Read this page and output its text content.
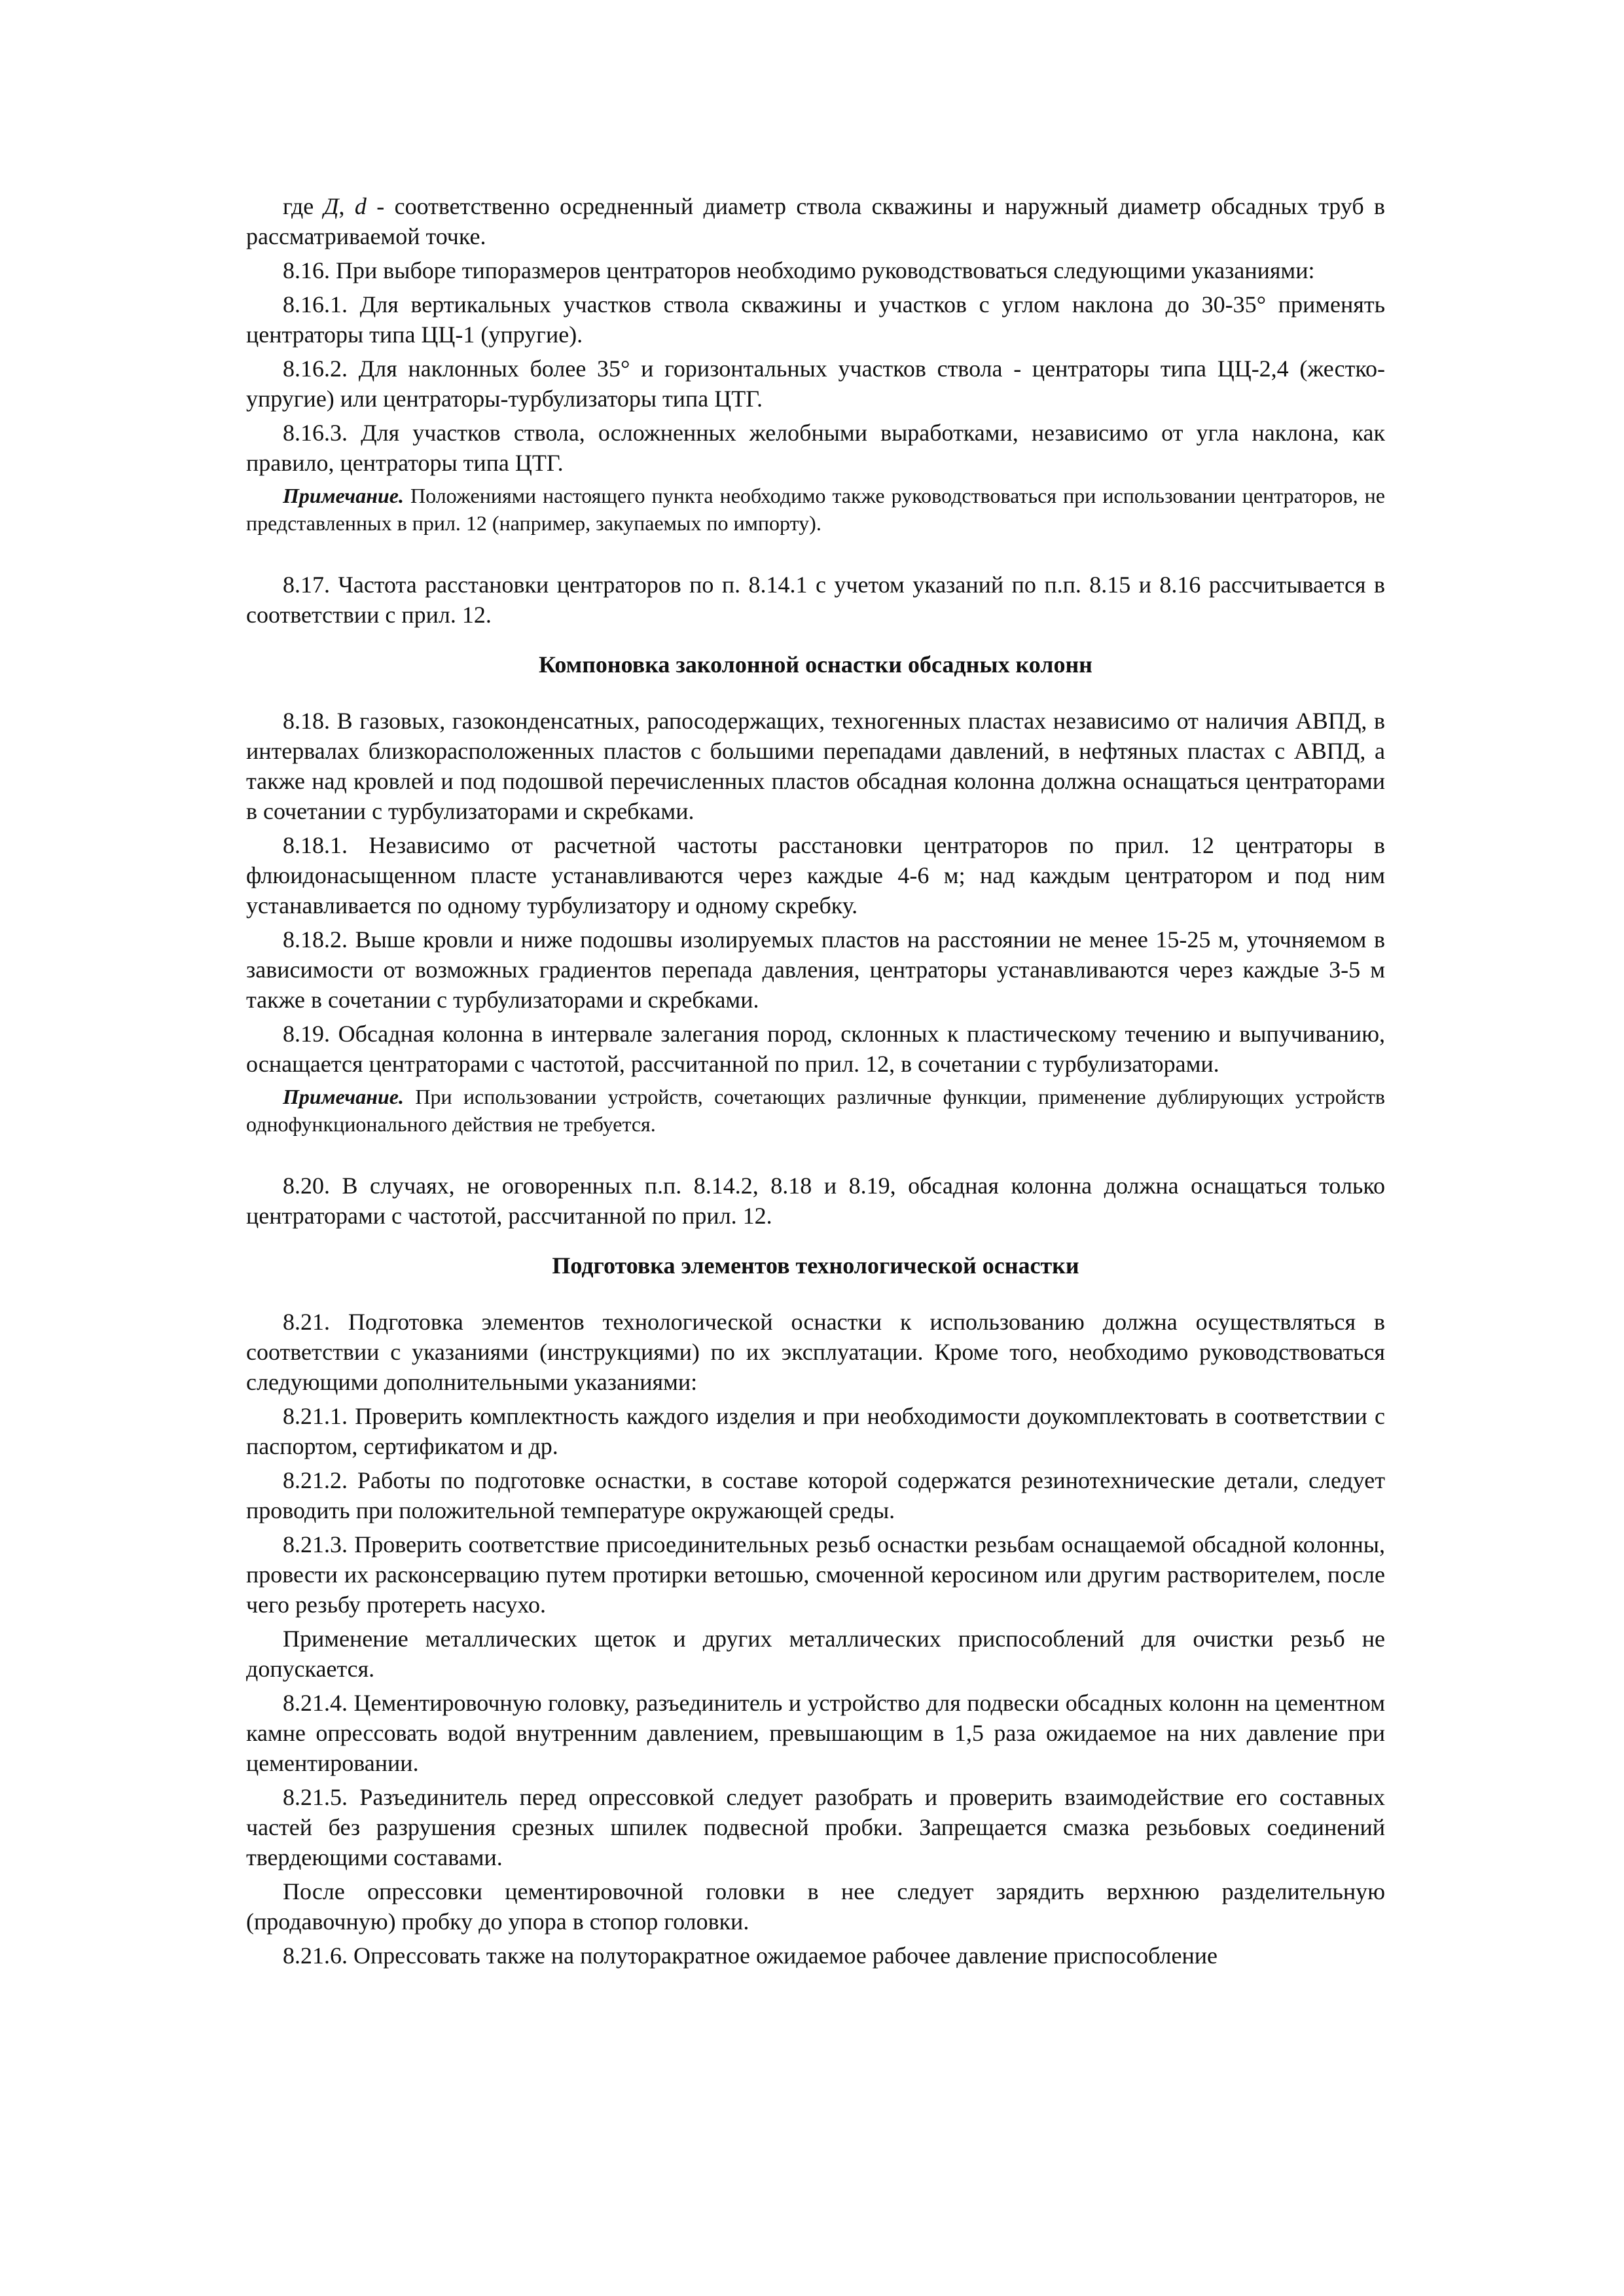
где Д, d - соответственно осредненный диаметр ствола скважины и наружный диаметр обсадных труб в рассматриваемой точке.

8.16. При выборе типоразмеров центраторов необходимо руководствоваться следующими указаниями:

8.16.1. Для вертикальных участков ствола скважины и участков с углом наклона до 30-35° применять центраторы типа ЦЦ-1 (упругие).

8.16.2. Для наклонных более 35° и горизонтальных участков ствола - центраторы типа ЦЦ-2,4 (жестко-упругие) или центраторы-турбулизаторы типа ЦТГ.

8.16.3. Для участков ствола, осложненных желобными выработками, независимо от угла наклона, как правило, центраторы типа ЦТГ.

Примечание. Положениями настоящего пункта необходимо также руководствоваться при использовании центраторов, не представленных в прил. 12 (например, закупаемых по импорту).

8.17. Частота расстановки центраторов по п. 8.14.1 с учетом указаний по п.п. 8.15 и 8.16 рассчитывается в соответствии с прил. 12.

Компоновка заколонной оснастки обсадных колонн

8.18. В газовых, газоконденсатных, рапосодержащих, техногенных пластах независимо от наличия АВПД, в интервалах близкорасположенных пластов с большими перепадами давлений, в нефтяных пластах с АВПД, а также над кровлей и под подошвой перечисленных пластов обсадная колонна должна оснащаться центраторами в сочетании с турбулизаторами и скребками.

8.18.1. Независимо от расчетной частоты расстановки центраторов по прил. 12 центраторы в флюидонасыщенном пласте устанавливаются через каждые 4-6 м; над каждым центратором и под ним устанавливается по одному турбулизатору и одному скребку.

8.18.2. Выше кровли и ниже подошвы изолируемых пластов на расстоянии не менее 15-25 м, уточняемом в зависимости от возможных градиентов перепада давления, центраторы устанавливаются через каждые 3-5 м также в сочетании с турбулизаторами и скребками.

8.19. Обсадная колонна в интервале залегания пород, склонных к пластическому течению и выпучиванию, оснащается центраторами с частотой, рассчитанной по прил. 12, в сочетании с турбулизаторами.

Примечание. При использовании устройств, сочетающих различные функции, применение дублирующих устройств однофункционального действия не требуется.

8.20. В случаях, не оговоренных п.п. 8.14.2, 8.18 и 8.19, обсадная колонна должна оснащаться только центраторами с частотой, рассчитанной по прил. 12.

Подготовка элементов технологической оснастки

8.21. Подготовка элементов технологической оснастки к использованию должна осуществляться в соответствии с указаниями (инструкциями) по их эксплуатации. Кроме того, необходимо руководствоваться следующими дополнительными указаниями:

8.21.1. Проверить комплектность каждого изделия и при необходимости доукомплектовать в соответствии с паспортом, сертификатом и др.

8.21.2. Работы по подготовке оснастки, в составе которой содержатся резинотехнические детали, следует проводить при положительной температуре окружающей среды.

8.21.3. Проверить соответствие присоединительных резьб оснастки резьбам оснащаемой обсадной колонны, провести их расконсервацию путем протирки ветошью, смоченной керосином или другим растворителем, после чего резьбу протереть насухо.

Применение металлических щеток и других металлических приспособлений для очистки резьб не допускается.

8.21.4. Цементировочную головку, разъединитель и устройство для подвески обсадных колонн на цементном камне опрессовать водой внутренним давлением, превышающим в 1,5 раза ожидаемое на них давление при цементировании.

8.21.5. Разъединитель перед опрессовкой следует разобрать и проверить взаимодействие его составных частей без разрушения срезных шпилек подвесной пробки. Запрещается смазка резьбовых соединений твердеющими составами.

После опрессовки цементировочной головки в нее следует зарядить верхнюю разделительную (продавочную) пробку до упора в стопор головки.

8.21.6. Опрессовать также на полуторакратное ожидаемое рабочее давление приспособление
